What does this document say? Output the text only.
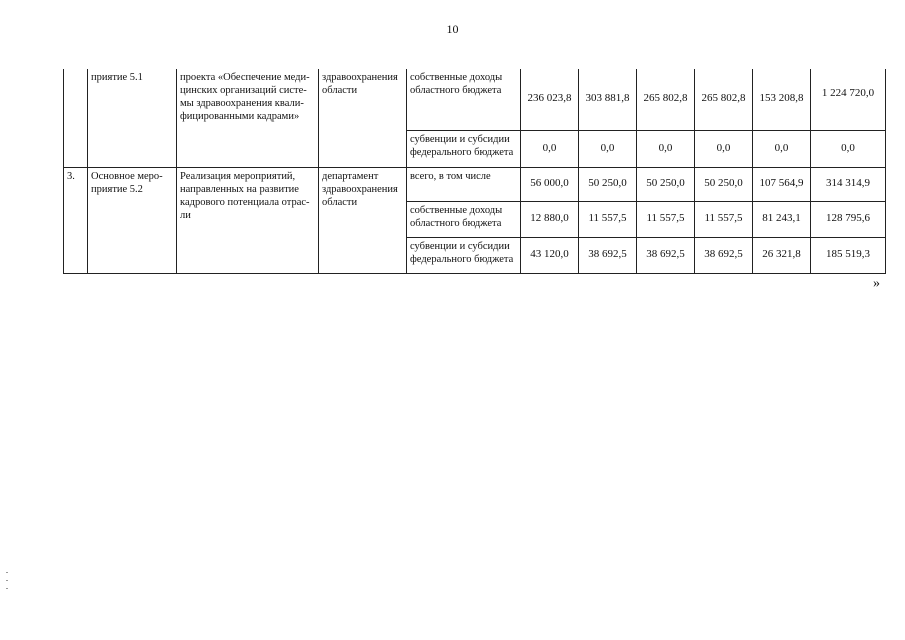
10
	приятие 5.1	проекта «Обеспечение меди-цинских организаций систе-мы здравоохранения квали-фицированными кадрами»	здравоохранения области	собственные доходы областного бюджета	236 023,8	303 881,8	265 802,8	265 802,8	153 208,8	1 224 720,0
				субвенции и субсидии федерального бюджета	0,0	0,0	0,0	0,0	0,0	0,0
3.	Основное меро-приятие 5.2	Реализация мероприятий, направленных на развитие кадрового потенциала отрас-ли	департамент здравоохранения области	всего, в том числе	56 000,0	50 250,0	50 250,0	50 250,0	107 564,9	314 314,9
				собственные доходы областного бюджета	12 880,0	11 557,5	11 557,5	11 557,5	81 243,1	128 795,6
				субвенции и субсидии федерального бюджета	43 120,0	38 692,5	38 692,5	38 692,5	26 321,8	185 519,3
»
